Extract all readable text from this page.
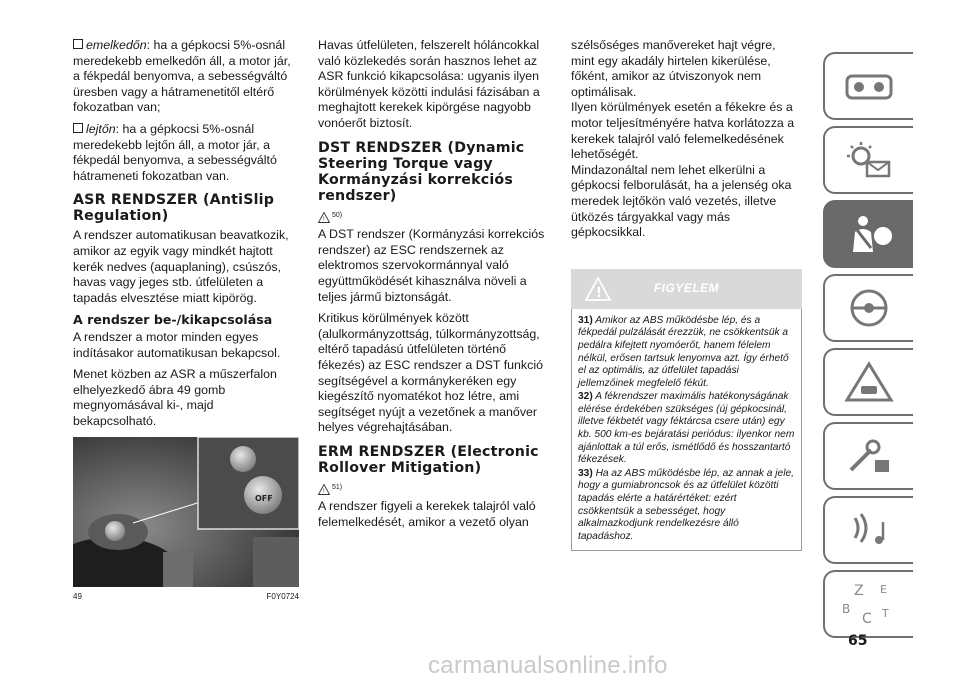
emelkedőn: ha a gépkocsi 5%-osnál meredekebb emelkedőn áll, a motor jár, a fékpedál benyomva, a sebességváltó üresben vagy a hátramenetitől eltérő fokozatban van;

lejtőn: ha a gépkocsi 5%-osnál meredekebb lejtőn áll, a motor jár, a fékpedál benyomva, a sebességváltó hátrameneti fokozatban van.

ASR RENDSZER (AntiSlip Regulation)

A rendszer automatikusan beavatkozik, amikor az egyik vagy mindkét hajtott kerék nedves (aquaplaning), csúszós, havas vagy jeges stb. útfelületen a tapadás elvesztése miatt kipörög.

A rendszer be-/kikapcsolása

A rendszer a motor minden egyes indításakor automatikusan bekapcsol.

Menet közben az ASR a műszerfalon elhelyezkedő ábra 49 gomb megnyomásával ki-, majd bekapcsolható.

OFF
49	F0Y0724

Havas útfelületen, felszerelt hóláncokkal való közlekedés során hasznos lehet az ASR funkció kikapcsolása: ugyanis ilyen körülmények közötti indulási fázisában a meghajtott kerekek kipörgése nagyobb vonóerőt biztosít.

DST RENDSZER (Dynamic Steering Torque vagy Kormányzási korrekciós rendszer)
!
50)

A DST rendszer (Kormányzási korrekciós rendszer) az ESC rendszernek az elektromos szervokormánnyal való együttműködését kihasználva növeli a teljes jármű biztonságát.

Kritikus körülmények között (alulkormányzottság, túlkormányzottság, eltérő tapadású útfelületen történő fékezés) az ESC rendszer a DST funkció segítségével a kormánykeréken egy kiegészítő nyomatékot hoz létre, ami segítséget nyújt a vezetőnek a manőver helyes végrehajtásában.

ERM RENDSZER (Electronic Rollover Mitigation)
!
51)

A rendszer figyeli a kerekek talajról való felemelkedését, amikor a vezető olyan

szélsőséges manővereket hajt végre, mint egy akadály hirtelen kikerülése, főként, amikor az útviszonyok nem optimálisak.

Ilyen körülmények esetén a fékekre és a motor teljesítményére hatva korlátozza a kerekek talajról való felemelkedésének lehetőségét.

Mindazonáltal nem lehet elkerülni a gépkocsi felborulását, ha a jelenség oka meredek lejtőkön való vezetés, illetve ütközés tárgyakkal vagy más gépkocsikkal.

!	FIGYELEM

31) Amikor az ABS működésbe lép, és a fékpedál pulzálását érezzük, ne csökkentsük a pedálra kifejtett nyomóerőt, hanem félelem nélkül, erősen tartsuk lenyomva azt. Így érhető el az optimális, az útfelület tapadási jellemzőinek megfelelő fékút.

32) A fékrendszer maximális hatékonyságának elérése érdekében szükséges (új gépkocsinál, illetve fékbetét vagy féktárcsa csere után) egy kb. 500 km-es bejáratási periódus: ilyenkor nem ajánlottak a túl erős, ismétlődő és hosszantartó fékezések.

33) Ha az ABS működésbe lép, az annak a jele, hogy a gumiabroncsok és az útfelület közötti tapadás elérte a határértéket: ezért csökkentsük a sebességet, hogy alkalmazkodjunk rendelkezésre álló tapadáshoz.

Z E
B
C T
65
carmanualsonline.info
